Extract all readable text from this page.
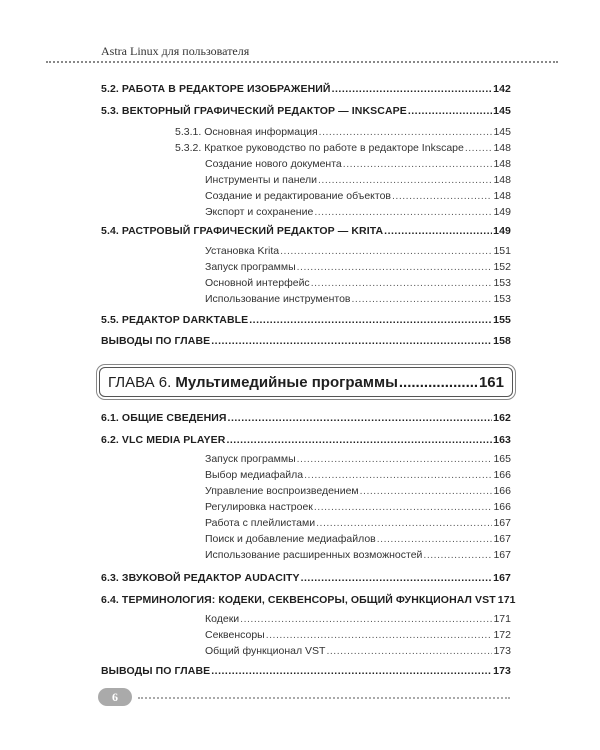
Astra Linux для пользователя
5.2. РАБОТА В РЕДАКТОРЕ ИЗОБРАЖЕНИЙ .....	142
5.3. ВЕКТОРНЫЙ ГРАФИЧЕСКИЙ РЕДАКТОР — INKSCAPE .....	145
5.3.1. Основная информация .....	145
5.3.2. Краткое руководство по работе в редакторе Inkscape .....	148
Создание нового документа .....	148
Инструменты и панели .....	148
Создание и редактирование объектов .....	148
Экспорт и сохранение .....	149
5.4. РАСТРОВЫЙ ГРАФИЧЕСКИЙ РЕДАКТОР — KRITA .....	149
Установка Krita .....	151
Запуск программы .....	152
Основной интерфейс .....	153
Использование инструментов .....	153
5.5. РЕДАКТОР DARKTABLE .....	155
ВЫВОДЫ ПО ГЛАВЕ .....	158
ГЛАВА 6. Мультимедийные программы .....	161
6.1. ОБЩИЕ СВЕДЕНИЯ .....	162
6.2. VLC MEDIA PLAYER .....	163
Запуск программы .....	165
Выбор медиафайла .....	166
Управление воспроизведением .....	166
Регулировка настроек .....	166
Работа с плейлистами .....	167
Поиск и добавление медиафайлов .....	167
Использование расширенных возможностей .....	167
6.3. ЗВУКОВОЙ РЕДАКТОР AUDACITY .....	167
6.4. ТЕРМИНОЛОГИЯ: КОДЕКИ, СЕКВЕНСОРЫ, ОБЩИЙ ФУНКЦИОНАЛ VST 171
Кодеки .....	171
Секвенсоры .....	172
Общий функционал VST .....	173
ВЫВОДЫ ПО ГЛАВЕ .....	173
6
